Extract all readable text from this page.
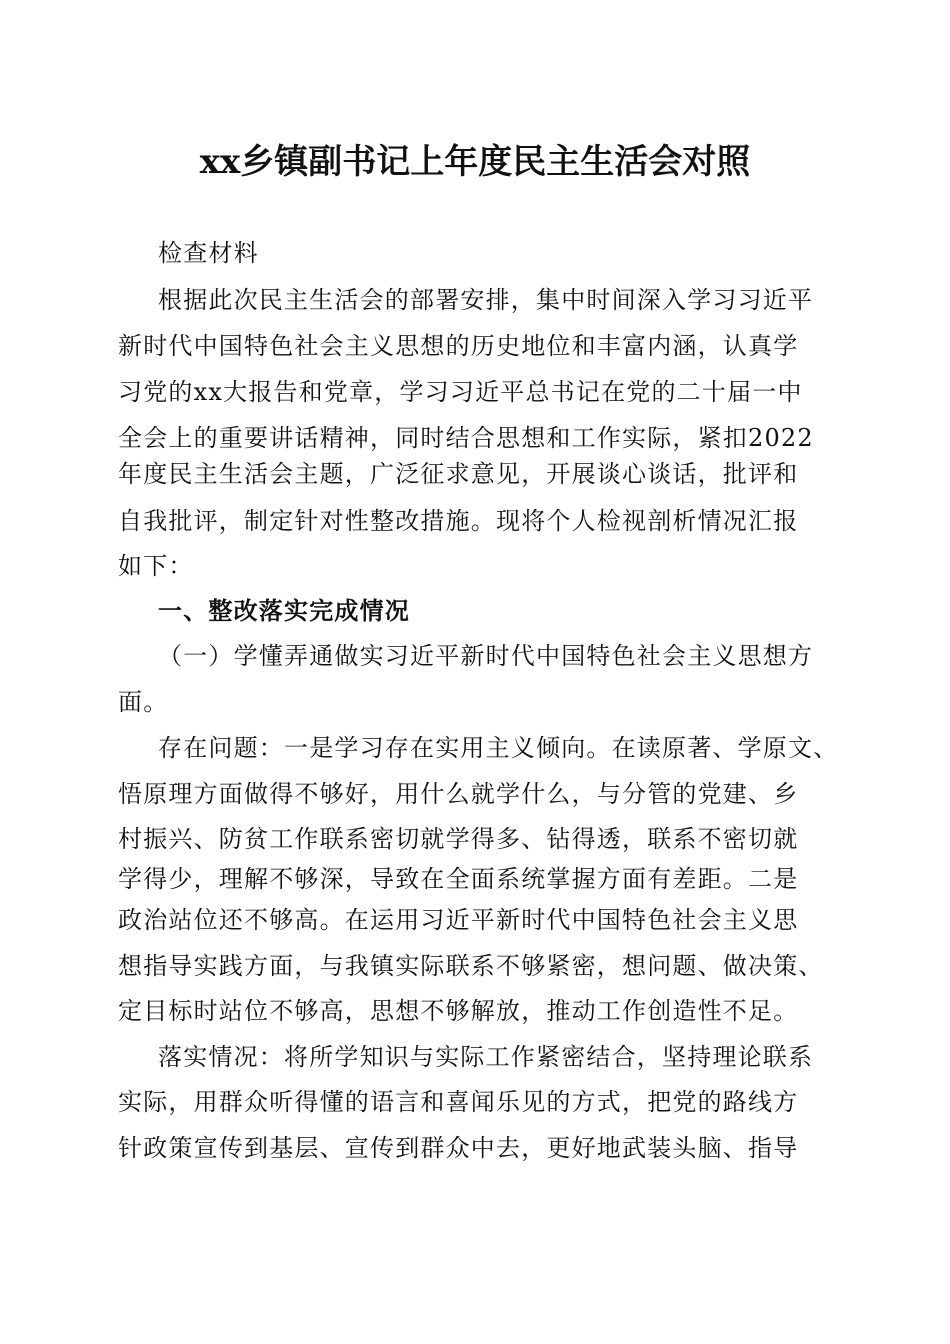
xx乡镇副书记上年度民主生活会对照
检查材料
根据此次民主生活会的部署安排，集中时间深入学习习近平
新时代中国特色社会主义思想的历史地位和丰富内涵，认真学
习党的xx大报告和党章，学习习近平总书记在党的二十届一中
全会上的重要讲话精神，同时结合思想和工作实际，紧扣2022
年度民主生活会主题，广泛征求意见，开展谈心谈话，批评和
自我批评，制定针对性整改措施。现将个人检视剖析情况汇报
如下：
一、整改落实完成情况
（一）学懂弄通做实习近平新时代中国特色社会主义思想方
面。
存在问题：一是学习存在实用主义倾向。在读原著、学原文、
悟原理方面做得不够好，用什么就学什么，与分管的党建、乡
村振兴、防贫工作联系密切就学得多、钻得透，联系不密切就
学得少，理解不够深，导致在全面系统掌握方面有差距。二是
政治站位还不够高。在运用习近平新时代中国特色社会主义思
想指导实践方面，与我镇实际联系不够紧密，想问题、做决策、
定目标时站位不够高，思想不够解放，推动工作创造性不足。
落实情况：将所学知识与实际工作紧密结合，坚持理论联系
实际，用群众听得懂的语言和喜闻乐见的方式，把党的路线方
针政策宣传到基层、宣传到群众中去，更好地武装头脑、指导
